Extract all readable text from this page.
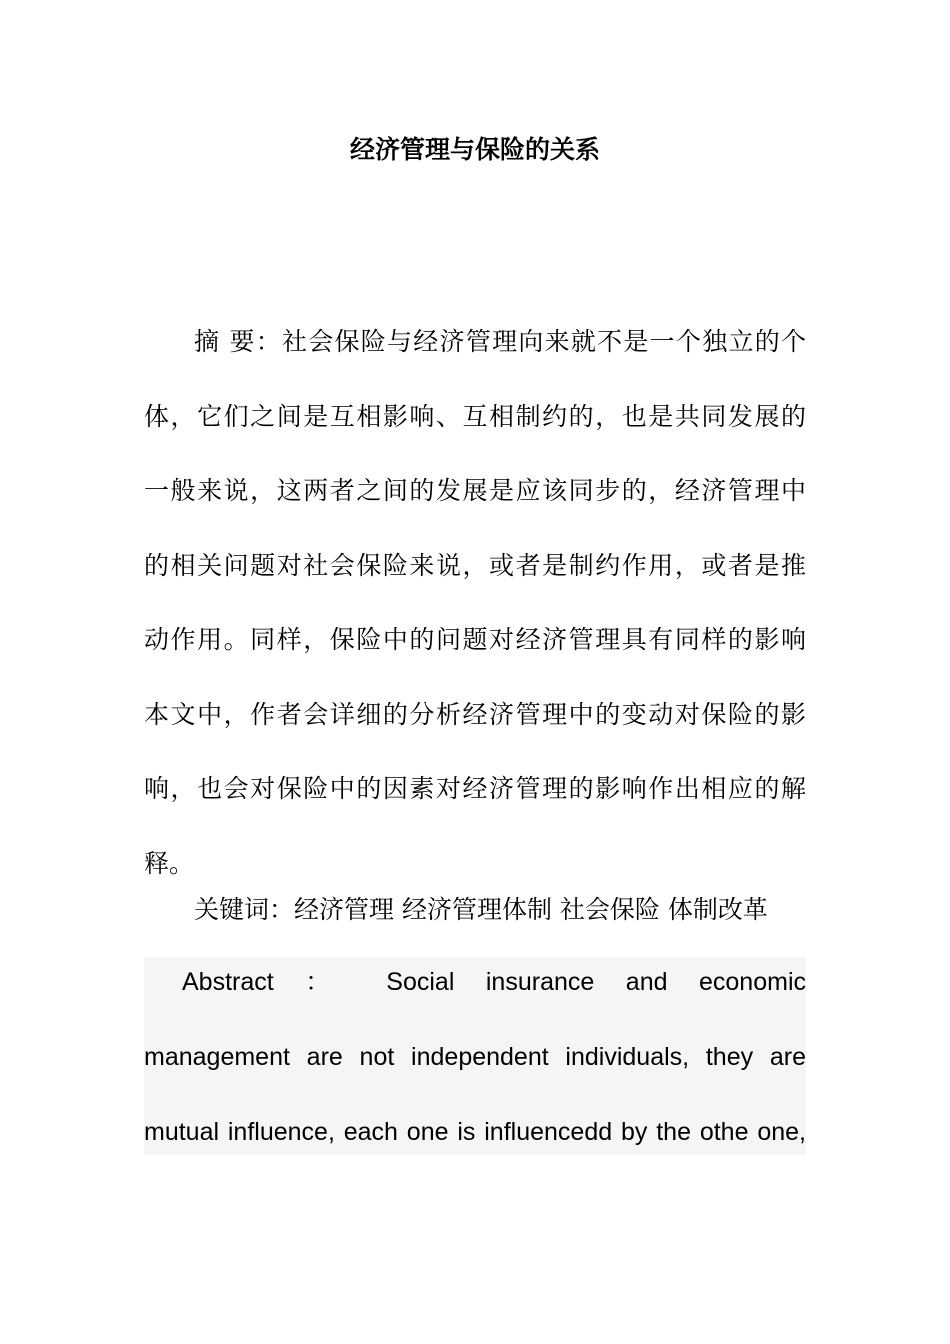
经济管理与保险的关系
摘 要：社会保险与经济管理向来就不是一个独立的个
体，它们之间是互相影响、互相制约的，也是共同发展的
一般来说，这两者之间的发展是应该同步的，经济管理中
的相关问题对社会保险来说，或者是制约作用，或者是推
动作用。同样，保险中的问题对经济管理具有同样的影响
本文中，作者会详细的分析经济管理中的变动对保险的影
响，也会对保险中的因素对经济管理的影响作出相应的解
释。

关键词：经济管理 经济管理体制 社会保险 体制改革

Abstract ： Social insurance and economic
management are not independent individuals, they are
mutual influence, each one is influencedd by the othe one,
